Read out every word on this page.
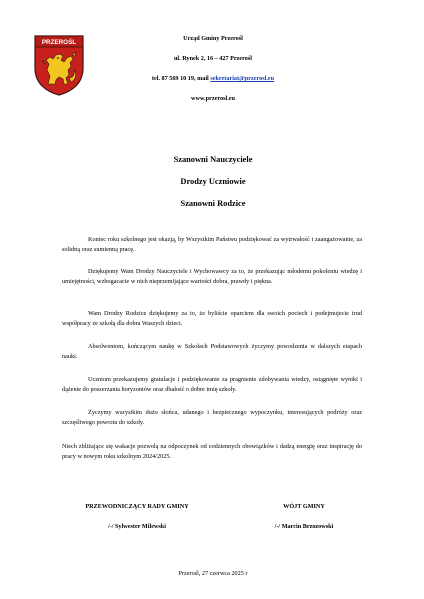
PRZEROŚL
Urząd Gminy Przerośl
ul. Rynek 2, 16 – 427 Przerośl
tel. 87 569 10 19, mail sekretariat@przerosl.eu
www.przerosl.eu
Szanowni Nauczyciele
Drodzy Uczniowie
Szanowni Rodzice

Koniec roku szkolnego jest okazją, by Wszystkim Państwu podziękować za wytrwałość i zaangażowanie, za solidną oraz sumienną pracę.

Dziękujemy Wam Drodzy Nauczyciele i Wychowawcy za to, że przekazując młodemu pokoleniu wiedzę i umiejętności, wzbogacacie w nich nieprzemijające wartości dobra, prawdy i piękna.

Wam Drodzy Rodzice dziękujemy za to, że byliście oparciem dla swoich pociech i podejmujecie trud współpracy ze szkołą dla dobra Waszych dzieci.

Absolwentom, kończącym naukę w Szkołach Podstawowych życzymy powodzenia w dalszych etapach nauki.

Uczniom przekazujemy gratulacje i podziękowanie za pragnienie zdobywania wiedzy, osiągnięte wyniki i dążenie do poszerzania horyzontów oraz dbałość o dobre imię szkoły.

Życzymy wszystkim dużo słońca, udanego i bezpiecznego wypoczynku, interesujących podróży oraz szczęśliwego powrotu do szkoły.

Niech zbliżające się wakacje pozwolą na odpoczynek od codziennych obowiązków i dadzą energię oraz inspirację do pracy w nowym roku szkolnym 2024/2025.

PRZEWODNICZĄCY RADY GMINY
/-/ Sylwester Milewski
WÓJT GMINY
/-/ Marcin Brzozowski
Przerośl, 27 czerwca 2025 r
